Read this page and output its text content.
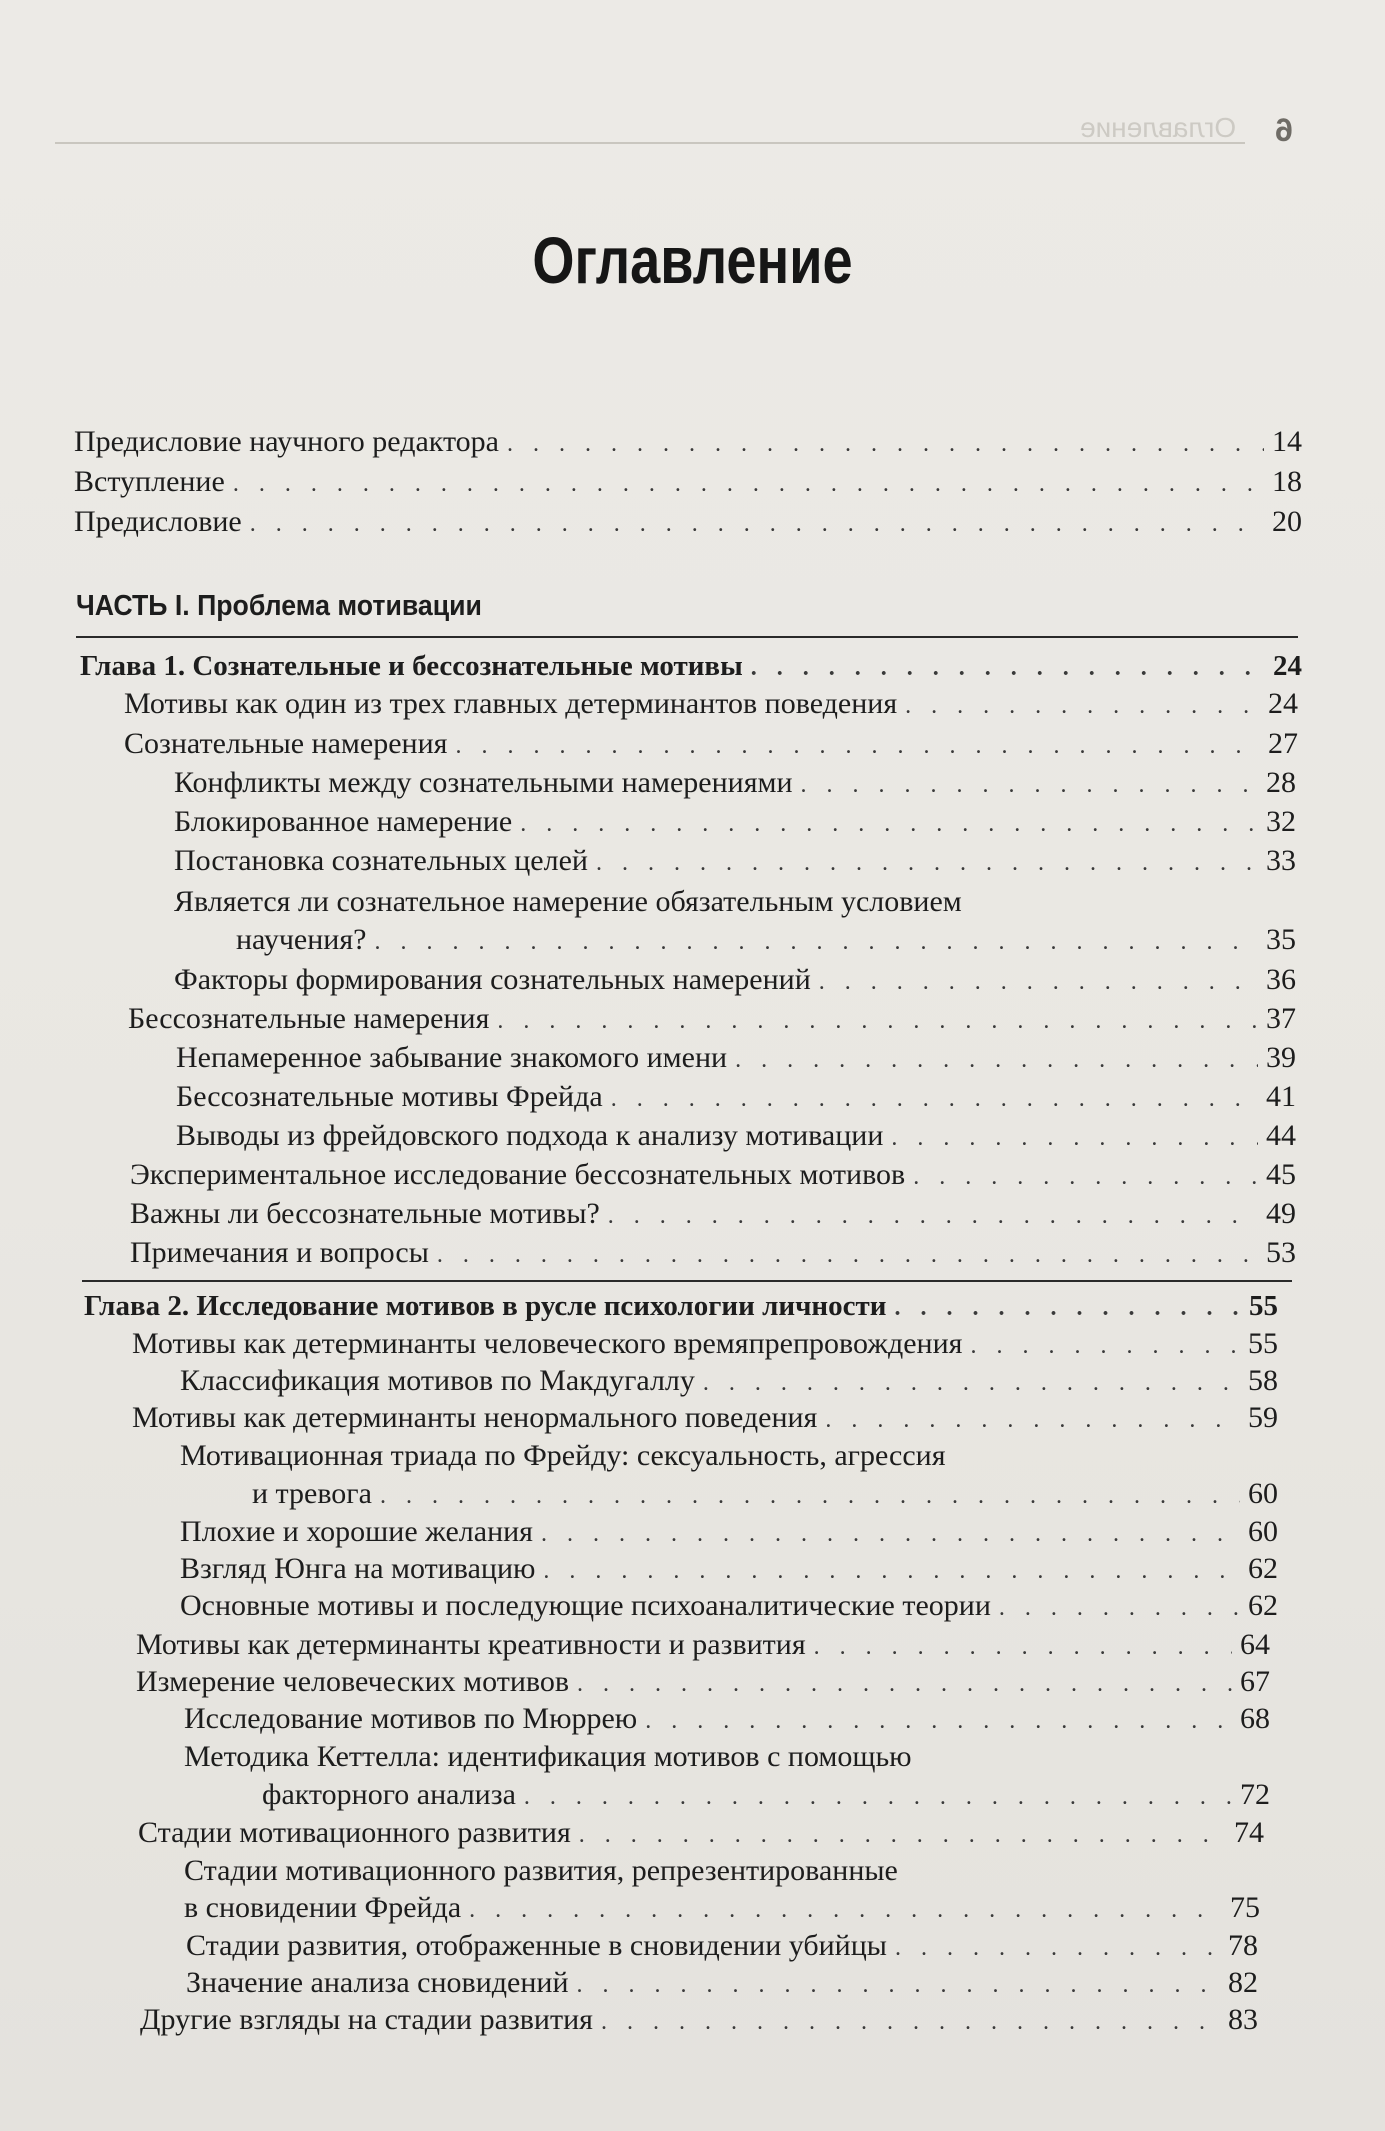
Оглавление 6
Оглавление
Предисловие научного редактора . . .	14
Вступление . . .	18
Предисловие . . .	20
ЧАСТЬ I. Проблема мотивации
Глава 1. Сознательные и бессознательные мотивы . . .	24
Мотивы как один из трех главных детерминантов поведения . . .	24
Сознательные намерения . . .	27
Конфликты между сознательными намерениями . . .	28
Блокированное намерение . . .	32
Постановка сознательных целей . . .	33
Является ли сознательное намерение обязательным условием
научения? . . .	35
Факторы формирования сознательных намерений . . .	36
Бессознательные намерения . . .	37
Непамеренное забывание знакомого имени . . .	39
Бессознательные мотивы Фрейда . . .	41
Выводы из фрейдовского подхода к анализу мотивации . . .	44
Экспериментальное исследование бессознательных мотивов . . .	45
Важны ли бессознательные мотивы? . . .	49
Примечания и вопросы . . .	53
Глава 2. Исследование мотивов в русле психологии личности . . .	55
Мотивы как детерминанты человеческого времяпрепровождения . . .	55
Классификация мотивов по Макдугаллу . . .	58
Мотивы как детерминанты ненормального поведения . . .	59
Мотивационная триада по Фрейду: сексуальность, агрессия
и тревога . . .	60
Плохие и хорошие желания . . .	60
Взгляд Юнга на мотивацию . . .	62
Основные мотивы и последующие психоаналитические теории . . .	62
Мотивы как детерминанты креативности и развития . . .	64
Измерение человеческих мотивов . . .	67
Исследование мотивов по Мюррею . . .	68
Методика Кеттелла: идентификация мотивов с помощью
факторного анализа . . .	72
Стадии мотивационного развития . . .	74
Стадии мотивационного развития, репрезентированные
в сновидении Фрейда . . .	75
Стадии развития, отображенные в сновидении убийцы . . .	78
Значение анализа сновидений . . .	82
Другие взгляды на стадии развития . . .	83
